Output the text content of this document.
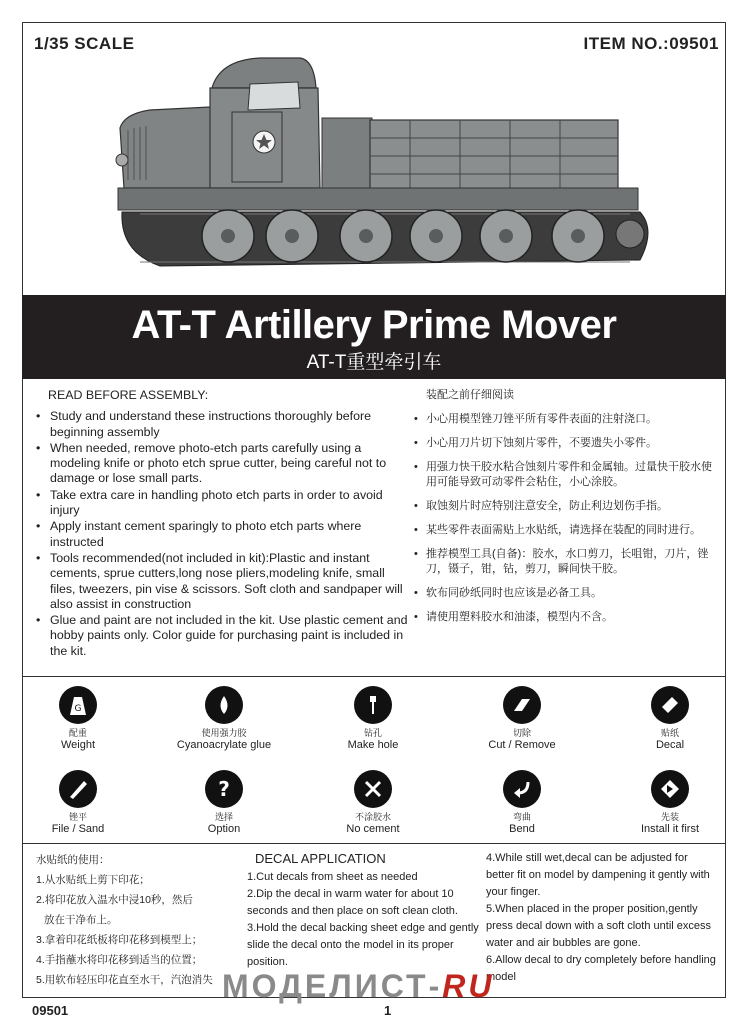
1/35 SCALE	ITEM NO.:09501
AT-T Artillery Prime Mover
AT-T重型牵引车
READ BEFORE ASSEMBLY:
• Study and understand these instructions thoroughly before beginning assembly
• When needed, remove photo-etch parts carefully using a modeling knife or photo etch sprue cutter, being careful not to damage or lose small parts.
• Take extra care in handling photo etch parts in order to avoid injury
• Apply instant cement sparingly to photo etch parts where instructed
• Tools recommended(not included in kit):Plastic and instant cements, sprue cutters,long nose pliers,modeling knife, small files, tweezers, pin vise & scissors. Soft cloth and sandpaper will also assist in construction
• Glue and paint are not included in the kit. Use plastic cement and hobby paints only. Color guide for purchasing paint is included in the kit.
装配之前仔细阅读
• 小心用模型锉刀锉平所有零件表面的注射浇口。
• 小心用刀片切下蚀刻片零件，不要遗失小零件。
• 用强力快干胶水粘合蚀刻片零件和金属轴。过量快干胶水使用可能导致可动零件会粘住，小心涂胶。
• 取蚀刻片时应特别注意安全，防止利边划伤手指。
• 某些零件表面需贴上水贴纸，请选择在装配的同时进行。
• 推荐模型工具(自备)：胶水，水口剪刀，长咀钳，刀片，锉刀，镊子，钳，钻，剪刀，瞬间快干胶。
• 软布同砂纸同时也应该是必备工具。
• 请使用塑料胶水和油漆，模型内不含。
G
配重
Weight
使用强力胶
Cyanoacrylate glue
钻孔
Make hole
切除
Cut / Remove
贴纸
Decal
锉平
File / Sand
?
选择
Option
不涂胶水
No cement
弯曲
Bend
先装
Install it first

水贴纸的使用：

1.从水贴纸上剪下印花；

2.将印花放入温水中浸10秒，然后

放在干净布上。

3.拿着印花纸板将印花移到模型上；

4.手指蘸水将印花移到适当的位置；

5.用软布轻压印花直至水干，汽泡消失

DECAL APPLICATION

1.Cut decals from sheet as needed

2.Dip the decal in warm water for about 10 seconds and then place on soft clean cloth.

3.Hold the decal backing sheet edge and gently slide the decal onto the model in its proper position.

4.While still wet,decal can be adjusted for better fit on model by dampening it gently with your finger.

5.When placed in the proper position,gently press decal down with a soft cloth until excess water and air bubbles are gone.

6.Allow decal to dry completely before handling model

МОДЕЛИСТ-RU
09501	1
